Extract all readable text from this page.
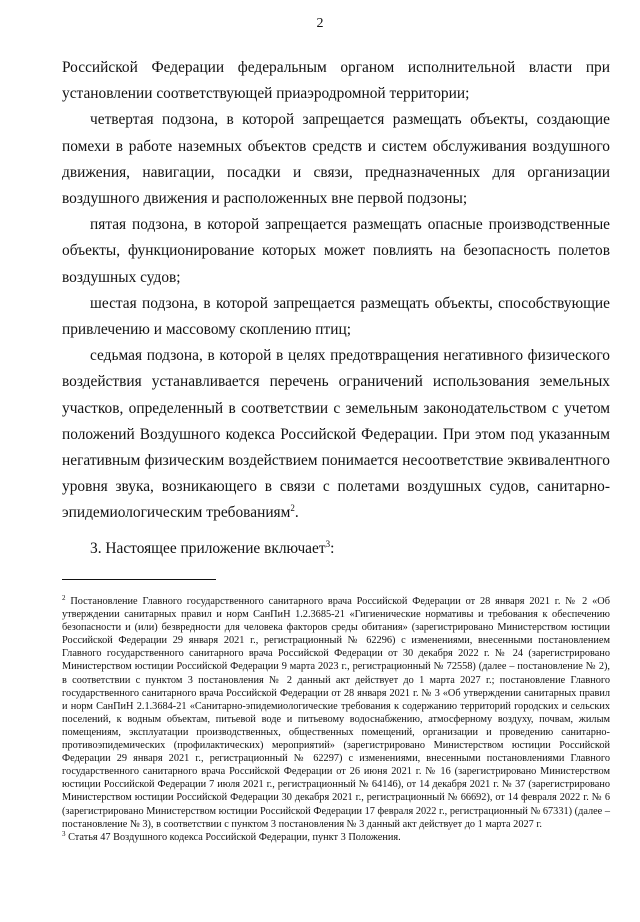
2

Российской Федерации федеральным органом исполнительной власти при установлении соответствующей приаэродромной территории;

четвертая подзона, в которой запрещается размещать объекты, создающие помехи в работе наземных объектов средств и систем обслуживания воздушного движения, навигации, посадки и связи, предназначенных для организации воздушного движения и расположенных вне первой подзоны;

пятая подзона, в которой запрещается размещать опасные производственные объекты, функционирование которых может повлиять на безопасность полетов воздушных судов;

шестая подзона, в которой запрещается размещать объекты, способствующие привлечению и массовому скоплению птиц;

седьмая подзона, в которой в целях предотвращения негативного физического воздействия устанавливается перечень ограничений использования земельных участков, определенный в соответствии с земельным законодательством с учетом положений Воздушного кодекса Российской Федерации. При этом под указанным негативным физическим воздействием понимается несоответствие эквивалентного уровня звука, возникающего в связи с полетами воздушных судов, санитарно-эпидемиологическим требованиям$^2$.

3. Настоящее приложение включает$^3$:

$^2$ Постановление Главного государственного санитарного врача Российской Федерации от 28 января 2021 г. № 2 «Об утверждении санитарных правил и норм СанПиН 1.2.3685-21 «Гигиенические нормативы и требования к обеспечению безопасности и (или) безвредности для человека факторов среды обитания» (зарегистрировано Министерством юстиции Российской Федерации 29 января 2021 г., регистрационный № 62296) с изменениями, внесенными постановлением Главного государственного санитарного врача Российской Федерации от 30 декабря 2022 г. № 24 (зарегистрировано Министерством юстиции Российской Федерации 9 марта 2023 г., регистрационный № 72558) (далее – постановление № 2), в соответствии с пунктом 3 постановления № 2 данный акт действует до 1 марта 2027 г.; постановление Главного государственного санитарного врача Российской Федерации от 28 января 2021 г. № 3 «Об утверждении санитарных правил и норм СанПиН 2.1.3684-21 «Санитарно-эпидемиологические требования к содержанию территорий городских и сельских поселений, к водным объектам, питьевой воде и питьевому водоснабжению, атмосферному воздуху, почвам, жилым помещениям, эксплуатации производственных, общественных помещений, организации и проведению санитарно-противоэпидемических (профилактических) мероприятий» (зарегистрировано Министерством юстиции Российской Федерации 29 января 2021 г., регистрационный № 62297) с изменениями, внесенными постановлениями Главного государственного санитарного врача Российской Федерации от 26 июня 2021 г. № 16 (зарегистрировано Министерством юстиции Российской Федерации 7 июля 2021 г., регистрационный № 64146), от 14 декабря 2021 г. № 37 (зарегистрировано Министерством юстиции Российской Федерации 30 декабря 2021 г., регистрационный № 66692), от 14 февраля 2022 г. № 6 (зарегистрировано Министерством юстиции Российской Федерации 17 февраля 2022 г., регистрационный № 67331) (далее – постановление № 3), в соответствии с пунктом 3 постановления № 3 данный акт действует до 1 марта 2027 г.

$^3$ Статья 47 Воздушного кодекса Российской Федерации, пункт 3 Положения.
